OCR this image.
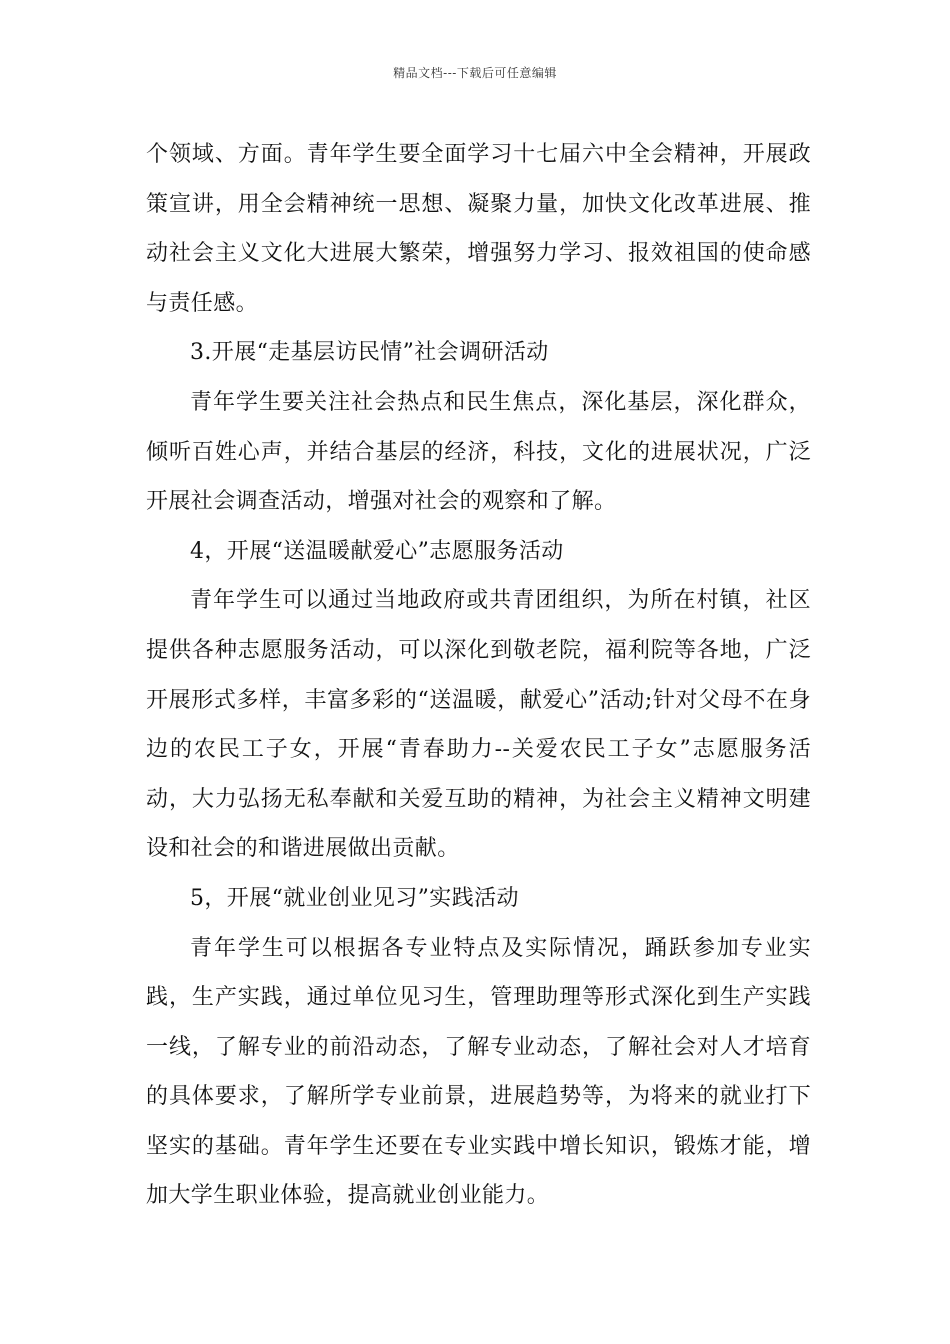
精品文档---下载后可任意编辑

个领域、方面。青年学生要全面学习十七届六中全会精神，开展政策宣讲，用全会精神统一思想、凝聚力量，加快文化改革进展、推动社会主义文化大进展大繁荣，增强努力学习、报效祖国的使命感与责任感。

3.开展“走基层访民情”社会调研活动

青年学生要关注社会热点和民生焦点，深化基层，深化群众，倾听百姓心声，并结合基层的经济，科技，文化的进展状况，广泛开展社会调查活动，增强对社会的观察和了解。

4，开展“送温暖献爱心”志愿服务活动

青年学生可以通过当地政府或共青团组织，为所在村镇，社区提供各种志愿服务活动，可以深化到敬老院，福利院等各地，广泛开展形式多样，丰富多彩的“送温暖，献爱心”活动;针对父母不在身边的农民工子女，开展“青春助力--关爱农民工子女”志愿服务活动，大力弘扬无私奉献和关爱互助的精神，为社会主义精神文明建设和社会的和谐进展做出贡献。

5，开展“就业创业见习”实践活动

青年学生可以根据各专业特点及实际情况，踊跃参加专业实践，生产实践，通过单位见习生，管理助理等形式深化到生产实践一线，了解专业的前沿动态，了解专业动态，了解社会对人才培育的具体要求，了解所学专业前景，进展趋势等，为将来的就业打下坚实的基础。青年学生还要在专业实践中增长知识，锻炼才能，增加大学生职业体验，提高就业创业能力。
